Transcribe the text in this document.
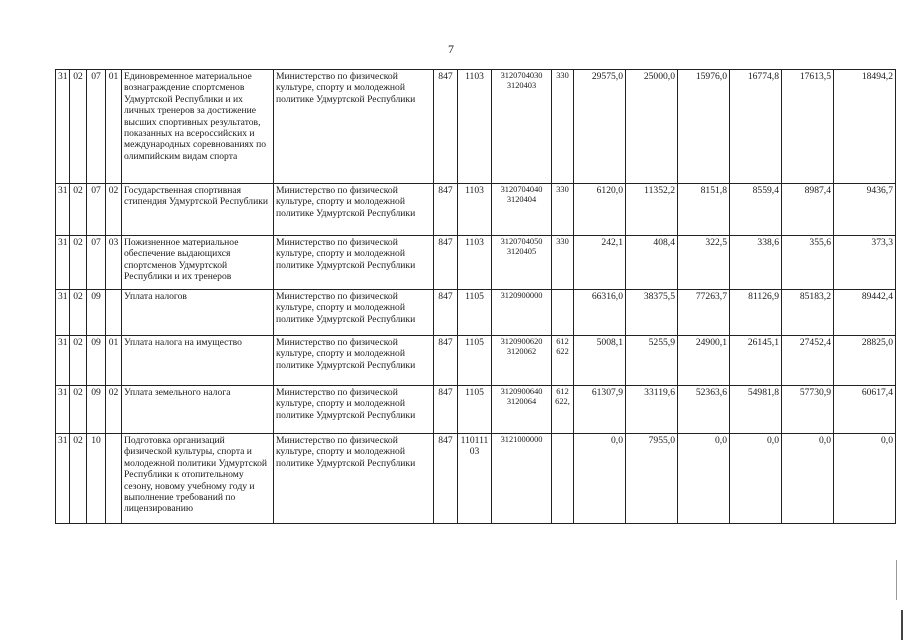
7
31	02	07	01	Единовременное материальное вознаграждение спортсменов Удмуртской Республики и их личных тренеров за достижение высших спортивных результатов, показанных на всероссийских и международных соревнованиях по олимпийским видам спорта	Министерство по физической культуре, спорту и молодежной политике Удмуртской Республики	847	1103	3120704030 3120403	330	29575,0	25000,0	15976,0	16774,8	17613,5	18494,2
31	02	07	02	Государственная спортивная стипендия Удмуртской Республики	Министерство по физической культуре, спорту и молодежной политике Удмуртской Республики	847	1103	3120704040 3120404	330	6120,0	11352,2	8151,8	8559,4	8987,4	9436,7
31	02	07	03	Пожизненное материальное обеспечение выдающихся спортсменов Удмуртской Республики и их тренеров	Министерство по физической культуре, спорту и молодежной политике Удмуртской Республики	847	1103	3120704050 3120405	330	242,1	408,4	322,5	338,6	355,6	373,3
31	02	09		Уплата налогов	Министерство по физической культуре, спорту и молодежной политике Удмуртской Республики	847	1105	3120900000		66316,0	38375,5	77263,7	81126,9	85183,2	89442,4
31	02	09	01	Уплата налога на имущество	Министерство по физической культуре, спорту и молодежной политике Удмуртской Республики	847	1105	3120900620 3120062	612 622	5008,1	5255,9	24900,1	26145,1	27452,4	28825,0
31	02	09	02	Уплата земельного налога	Министерство по физической культуре, спорту и молодежной политике Удмуртской Республики	847	1105	3120900640 3120064	612 622,	61307,9	33119,6	52363,6	54981,8	57730,9	60617,4
31	02	10		Подготовка организаций физической культуры, спорта и молодежной политики Удмуртской Республики к отопительному сезону, новому учебному году и выполнение требований по лицензированию	Министерство по физической культуре, спорту и молодежной политике Удмуртской Республики	847	110111 03	3121000000		0,0	7955,0	0,0	0,0	0,0	0,0
